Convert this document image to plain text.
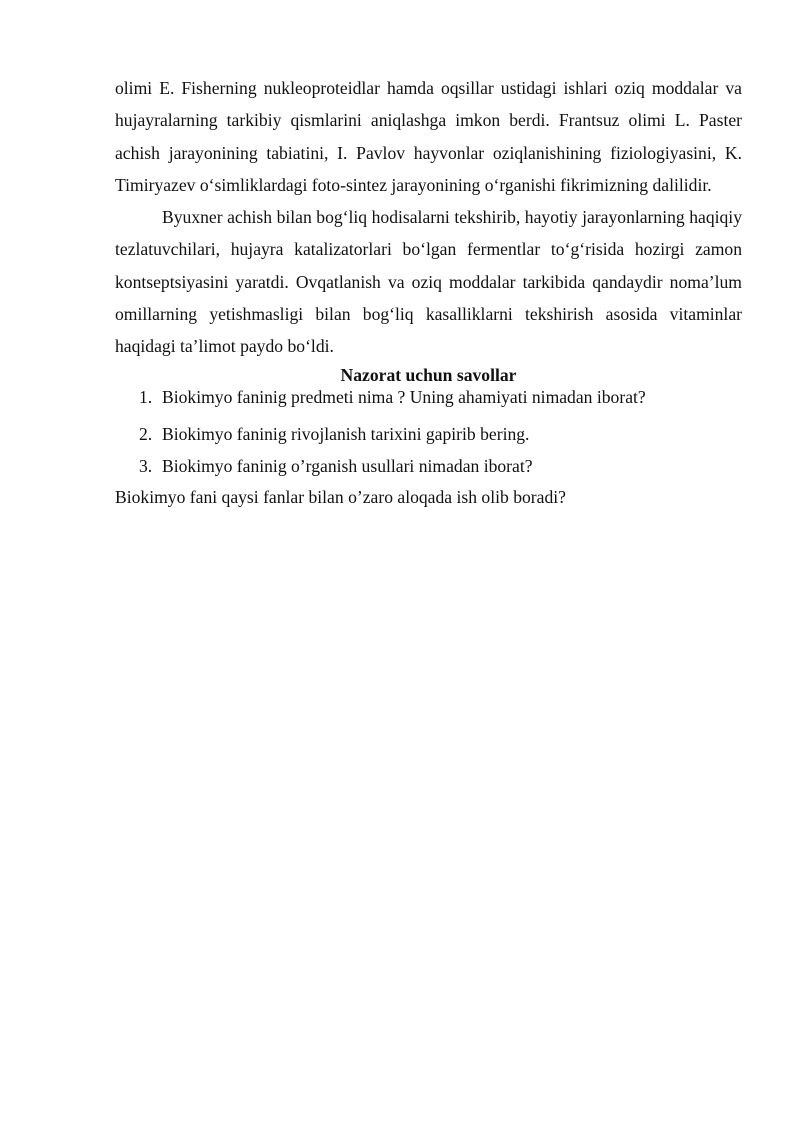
olimi E. Fisherning nukleoproteidlar hamda oqsillar ustidagi ishlari oziq moddalar va hujayralarning tarkibiy qismlarini aniqlashga imkon berdi. Frantsuz olimi L. Paster achish jarayonining tabiatini, I. Pavlov hayvonlar oziqlanishining fiziologiyasini, K. Timiryazev o‘simliklardagi foto-sintez jarayonining o‘rganishi fikrimizning dalilidir.

Byuxner achish bilan bog‘liq hodisalarni tekshirib, hayotiy jarayonlarning haqiqiy tezlatuvchilari, hujayra katalizatorlari bo‘lgan fermentlar to‘g‘risida hozirgi zamon kontseptsiyasini yaratdi. Ovqatlanish va oziq moddalar tarkibida qandaydir noma’lum omillarning yetishmasligi bilan bog‘liq kasalliklarni tekshirish asosida vitaminlar haqidagi ta’limot paydo bo‘ldi.

Nazorat uchun savollar

1. Biokimyo faninig predmeti nima ? Uning ahamiyati nimadan iborat?
2. Biokimyo faninig rivojlanish tarixini gapirib bering.
3. Biokimyo faninig o’rganish usullari nimadan iborat?

Biokimyo fani qaysi fanlar bilan o’zaro aloqada ish olib boradi?
